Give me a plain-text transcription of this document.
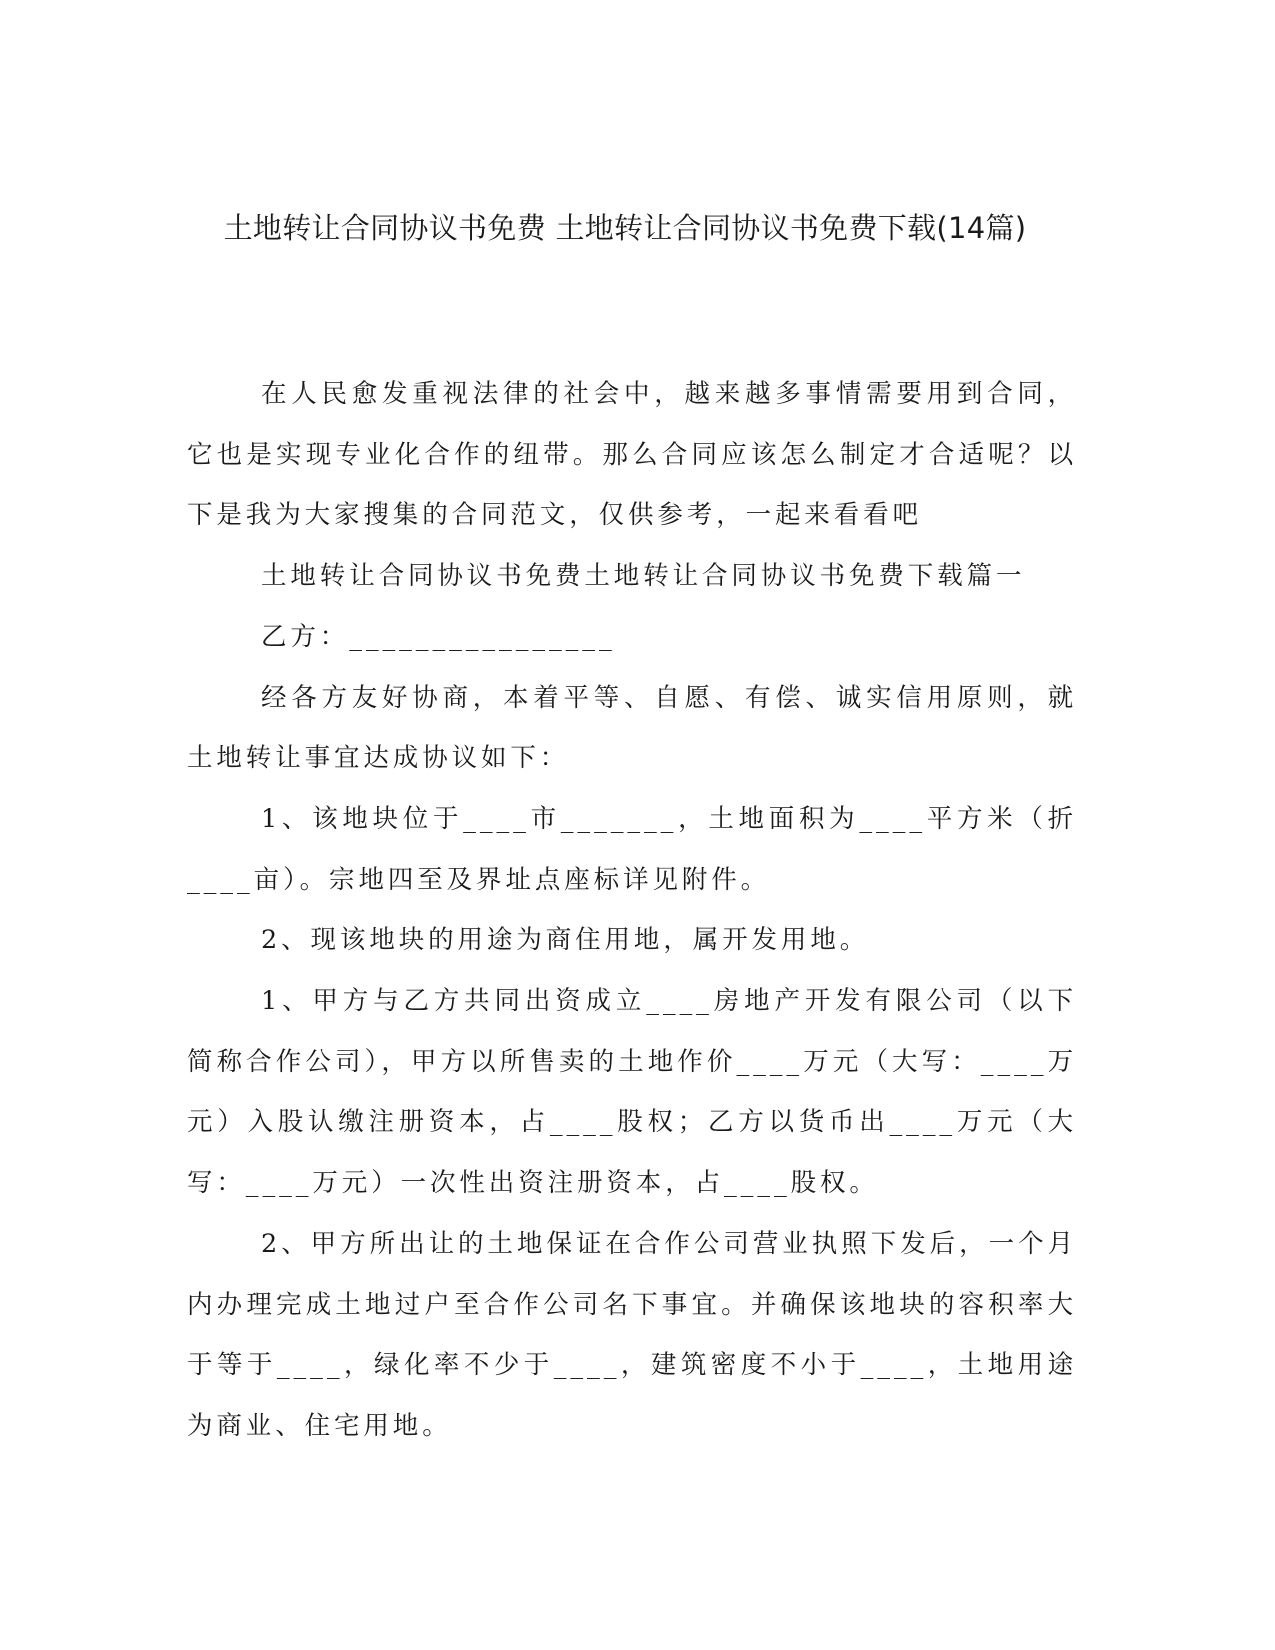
土地转让合同协议书免费 土地转让合同协议书免费下载(14篇)

在人民愈发重视法律的社会中，越来越多事情需要用到合同，它也是实现专业化合作的纽带。那么合同应该怎么制定才合适呢？以下是我为大家搜集的合同范文，仅供参考，一起来看看吧

土地转让合同协议书免费土地转让合同协议书免费下载篇一

乙方：________________

经各方友好协商，本着平等、自愿、有偿、诚实信用原则，就土地转让事宜达成协议如下：

1、该地块位于____市_______，土地面积为____平方米（折____亩）。宗地四至及界址点座标详见附件。

2、现该地块的用途为商住用地，属开发用地。

1、甲方与乙方共同出资成立____房地产开发有限公司（以下简称合作公司），甲方以所售卖的土地作价____万元（大写：____万元）入股认缴注册资本，占____股权；乙方以货币出____万元（大写：____万元）一次性出资注册资本，占____股权。

2、甲方所出让的土地保证在合作公司营业执照下发后，一个月内办理完成土地过户至合作公司名下事宜。并确保该地块的容积率大于等于____，绿化率不少于____，建筑密度不小于____，土地用途为商业、住宅用地。
